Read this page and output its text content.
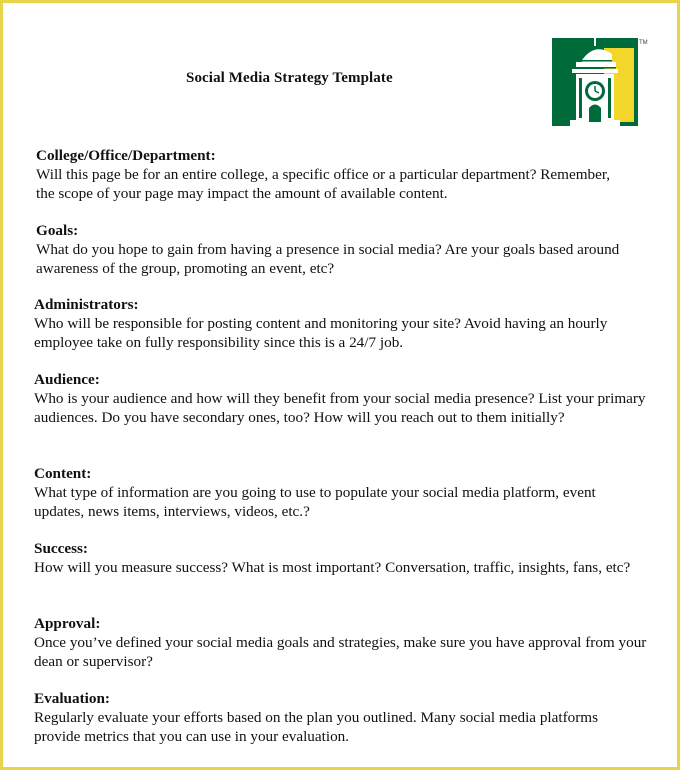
Social Media Strategy Template
TM
College/Office/Department:
Will this page be for an entire college, a specific office or a particular department? Remember, the scope of your page may impact the amount of available content.
Goals:
What do you hope to gain from having a presence in social media? Are your goals based around awareness of the group, promoting an event, etc?
Administrators:
Who will be responsible for posting content and monitoring your site? Avoid having an hourly employee take on fully responsibility since this is a 24/7 job.
Audience:
Who is your audience and how will they benefit from your social media presence? List your primary audiences. Do you have secondary ones, too? How will you reach out to them initially?
Content:
What type of information are you going to use to populate your social media platform, event updates, news items, interviews, videos, etc.?
Success:
How will you measure success? What is most important? Conversation, traffic, insights, fans, etc?
Approval:
Once you’ve defined your social media goals and strategies, make sure you have approval from your dean or supervisor?
Evaluation:
Regularly evaluate your efforts based on the plan you outlined. Many social media platforms provide metrics that you can use in your evaluation.
